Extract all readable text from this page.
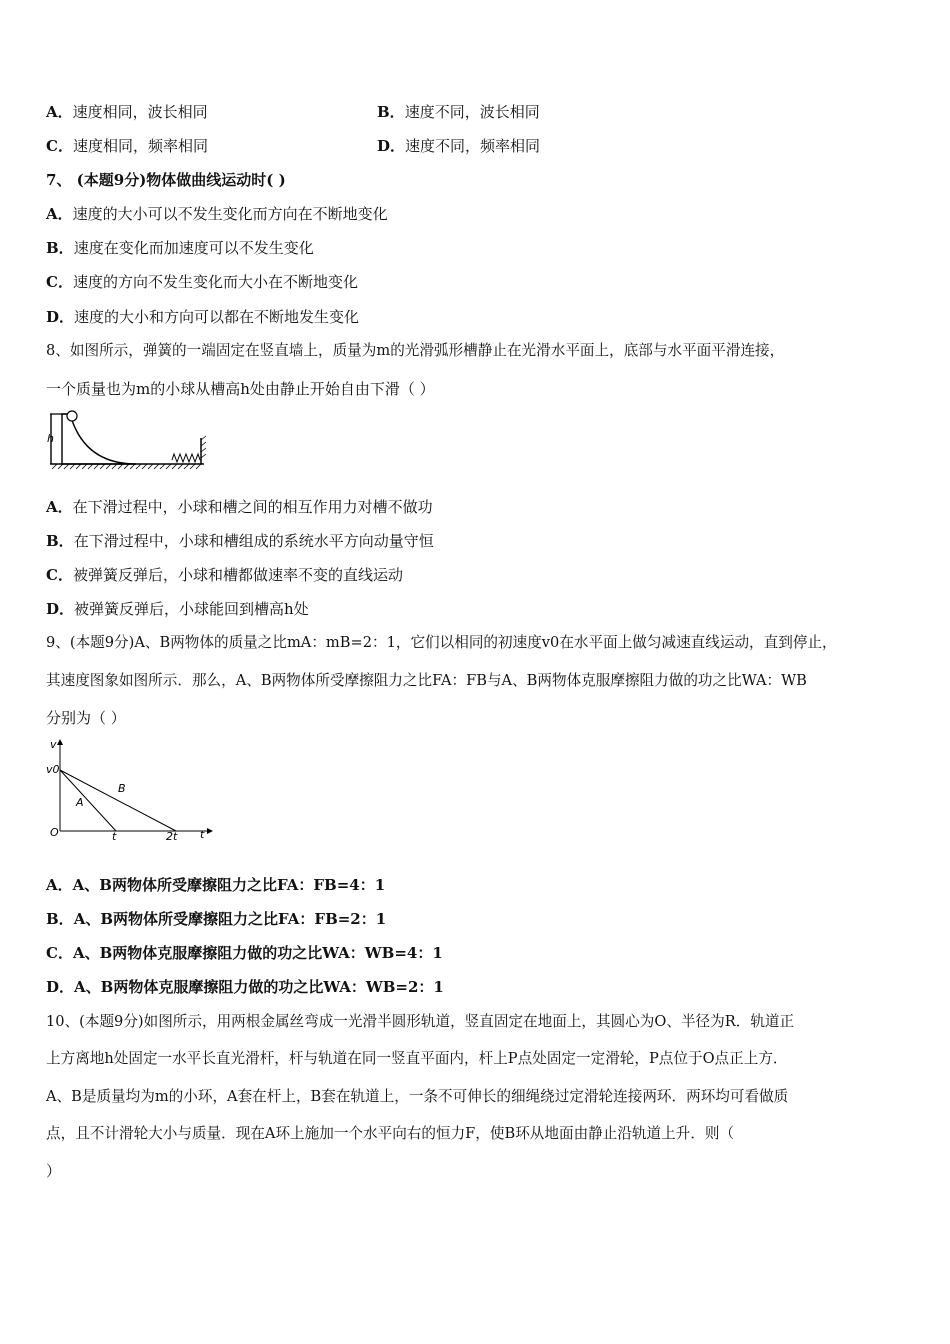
A．速度相同，波长相同	B．速度不同，波长相同
C．速度相同，频率相同	D．速度不同，频率相同
7、 (本题9分)物体做曲线运动时( )
A．速度的大小可以不发生变化而方向在不断地变化
B．速度在变化而加速度可以不发生变化
C．速度的方向不发生变化而大小在不断地变化
D．速度的大小和方向可以都在不断地发生变化
8、如图所示，弹簧的一端固定在竖直墙上，质量为m的光滑弧形槽静止在光滑水平面上，底部与水平面平滑连接，
一个质量也为m的小球从槽高h处由静止开始自由下滑（ ）
h
A．在下滑过程中，小球和槽之间的相互作用力对槽不做功
B．在下滑过程中，小球和槽组成的系统水平方向动量守恒
C．被弹簧反弹后，小球和槽都做速率不变的直线运动
D．被弹簧反弹后，小球能回到槽高h处
9、(本题9分)A、B两物体的质量之比mA：mB=2：1，它们以相同的初速度v0在水平面上做匀减速直线运动，直到停止，
其速度图象如图所示．那么，A、B两物体所受摩擦阻力之比FA：FB与A、B两物体克服摩擦阻力做的功之比WA：WB
分别为（ ）
v
v0
O
A
B
t	2t t
A．A、B两物体所受摩擦阻力之比FA：FB=4：1
B．A、B两物体所受摩擦阻力之比FA：FB=2：1
C．A、B两物体克服摩擦阻力做的功之比WA：WB=4：1
D．A、B两物体克服摩擦阻力做的功之比WA：WB=2：1
10、(本题9分)如图所示，用两根金属丝弯成一光滑半圆形轨道，竖直固定在地面上，其圆心为O、半径为R．轨道正
上方离地h处固定一水平长直光滑杆，杆与轨道在同一竖直平面内，杆上P点处固定一定滑轮，P点位于O点正上方．
A、B是质量均为m的小环，A套在杆上，B套在轨道上，一条不可伸长的细绳绕过定滑轮连接两环．两环均可看做质
点，且不计滑轮大小与质量．现在A环上施加一个水平向右的恒力F，使B环从地面由静止沿轨道上升．则（
）
